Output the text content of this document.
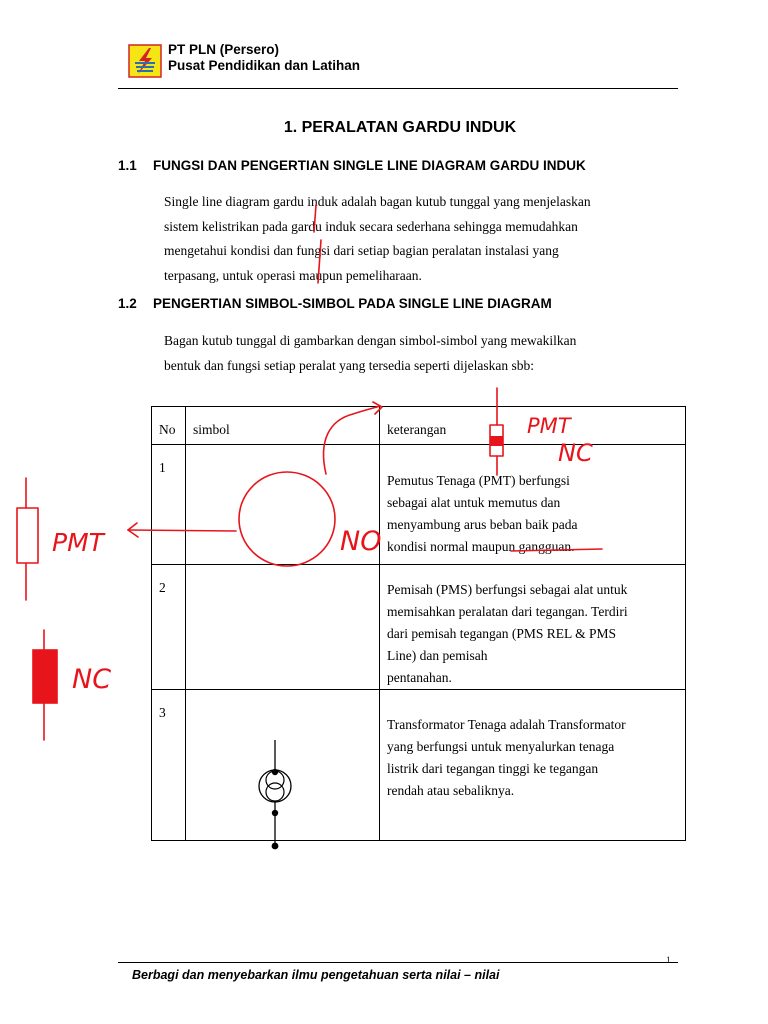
PT PLN (Persero)
Pusat Pendidikan dan Latihan
1. PERALATAN GARDU INDUK
1.1 FUNGSI DAN PENGERTIAN SINGLE LINE DIAGRAM GARDU INDUK
Single line diagram gardu induk adalah bagan kutub tunggal yang menjelaskan
sistem kelistrikan pada gardu induk secara sederhana sehingga memudahkan
mengetahui kondisi dan fungsi dari setiap bagian peralatan instalasi yang
terpasang, untuk operasi maupun pemeliharaan.
1.2 PENGERTIAN SIMBOL-SIMBOL PADA SINGLE LINE DIAGRAM
Bagan kutub tunggal di gambarkan dengan simbol-simbol yang mewakilkan
bentuk dan fungsi setiap peralat yang tersedia seperti dijelaskan sbb:
No	simbol	keterangan
1		Pemutus Tenaga (PMT) berfungsi
sebagai alat untuk memutus dan
menyambung arus beban baik pada
kondisi normal maupun gangguan.

2		Pemisah (PMS) berfungsi sebagai alat untuk
memisahkan peralatan dari tegangan. Terdiri
dari pemisah tegangan (PMS REL & PMS
Line) dan pemisah
pentanahan.

3		Transformator Tenaga adalah Transformator
yang berfungsi untuk menyalurkan tenaga
listrik dari tegangan tinggi ke tegangan
rendah atau sebaliknya.
PMT
NC
NO
PMT
NC
1
Berbagi dan menyebarkan ilmu pengetahuan serta nilai – nilai
